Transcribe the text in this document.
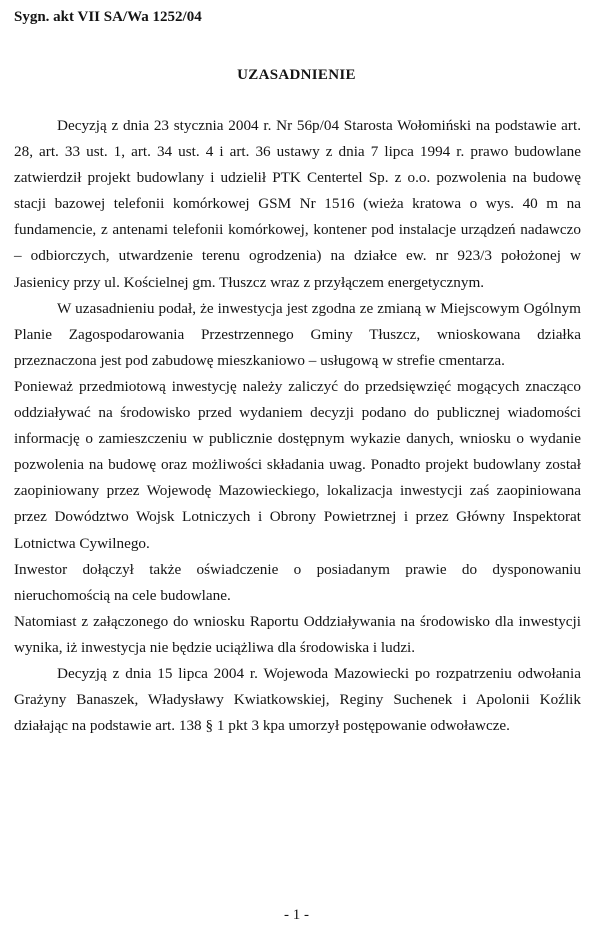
Sygn. akt VII SA/Wa 1252/04
UZASADNIENIE

Decyzją z dnia 23 stycznia 2004 r. Nr 56p/04 Starosta Wołomiński na podstawie art. 28, art. 33 ust. 1, art. 34 ust. 4 i art. 36 ustawy z dnia 7 lipca 1994 r. prawo budowlane zatwierdził projekt budowlany i udzielił PTK Centertel Sp. z o.o. pozwolenia na budowę stacji bazowej telefonii komórkowej GSM Nr 1516 (wieża kratowa o wys. 40 m na fundamencie, z antenami telefonii komórkowej, kontener pod instalacje urządzeń nadawczo – odbiorczych, utwardzenie terenu ogrodzenia) na działce ew. nr 923/3 położonej w Jasienicy przy ul. Kościelnej gm. Tłuszcz wraz z przyłączem energetycznym.

W uzasadnieniu podał, że inwestycja jest zgodna ze zmianą w Miejscowym Ogólnym Planie Zagospodarowania Przestrzennego Gminy Tłuszcz, wnioskowana działka przeznaczona jest pod zabudowę mieszkaniowo – usługową w strefie cmentarza.

Ponieważ przedmiotową inwestycję należy zaliczyć do przedsięwzięć mogących znacząco oddziaływać na środowisko przed wydaniem decyzji podano do publicznej wiadomości informację o zamieszczeniu w publicznie dostępnym wykazie danych, wniosku o wydanie pozwolenia na budowę oraz możliwości składania uwag. Ponadto projekt budowlany został zaopiniowany przez Wojewodę Mazowieckiego, lokalizacja inwestycji zaś zaopiniowana przez Dowództwo Wojsk Lotniczych i Obrony Powietrznej i przez Główny Inspektorat Lotnictwa Cywilnego.

Inwestor dołączył także oświadczenie o posiadanym prawie do dysponowaniu nieruchomością na cele budowlane.

Natomiast z załączonego do wniosku Raportu Oddziaływania na środowisko dla inwestycji wynika, iż inwestycja nie będzie uciążliwa dla środowiska i ludzi.

Decyzją z dnia 15 lipca 2004 r. Wojewoda Mazowiecki po rozpatrzeniu odwołania Grażyny Banaszek, Władysławy Kwiatkowskiej, Reginy Suchenek i Apolonii Koźlik działając na podstawie art. 138 § 1 pkt 3 kpa umorzył postępowanie odwoławcze.

- 1 -
